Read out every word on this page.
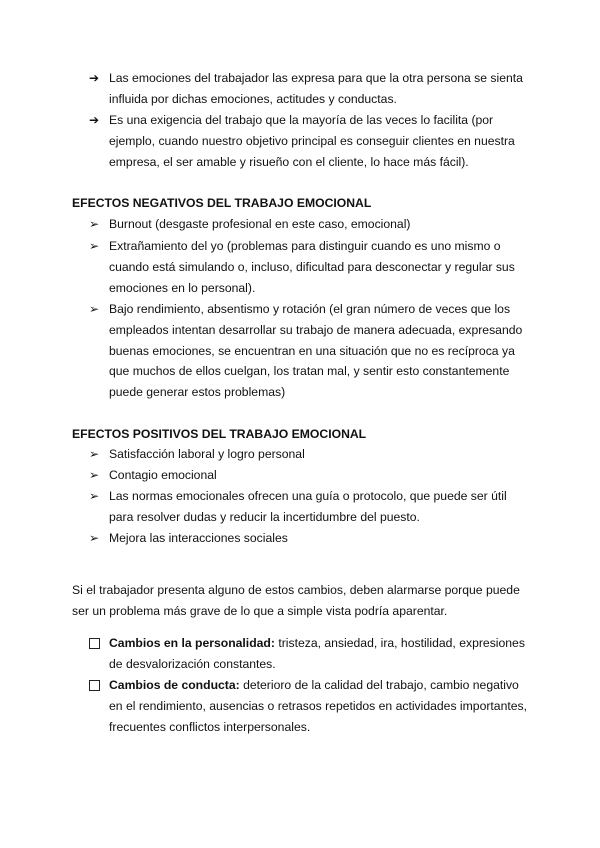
➔ Las emociones del trabajador las expresa para que la otra persona se sienta influida por dichas emociones, actitudes y conductas.
➔ Es una exigencia del trabajo que la mayoría de las veces lo facilita (por ejemplo, cuando nuestro objetivo principal es conseguir clientes en nuestra empresa, el ser amable y risueño con el cliente, lo hace más fácil).
EFECTOS NEGATIVOS DEL TRABAJO EMOCIONAL
➢ Burnout (desgaste profesional en este caso, emocional)
➢ Extrañamiento del yo (problemas para distinguir cuando es uno mismo o cuando está simulando o, incluso, dificultad para desconectar y regular sus emociones en lo personal).
➢ Bajo rendimiento, absentismo y rotación (el gran número de veces que los empleados intentan desarrollar su trabajo de manera adecuada, expresando buenas emociones, se encuentran en una situación que no es recíproca ya que muchos de ellos cuelgan, los tratan mal, y sentir esto constantemente puede generar estos problemas)
EFECTOS POSITIVOS DEL TRABAJO EMOCIONAL
➢ Satisfacción laboral y logro personal
➢ Contagio emocional
➢ Las normas emocionales ofrecen una guía o protocolo, que puede ser útil para resolver dudas y reducir la incertidumbre del puesto.
➢ Mejora las interacciones sociales
Si el trabajador presenta alguno de estos cambios, deben alarmarse porque puede ser un problema más grave de lo que a simple vista podría aparentar.
Cambios en la personalidad: tristeza, ansiedad, ira, hostilidad, expresiones de desvalorización constantes.
Cambios de conducta: deterioro de la calidad del trabajo, cambio negativo en el rendimiento, ausencias o retrasos repetidos en actividades importantes, frecuentes conflictos interpersonales.
